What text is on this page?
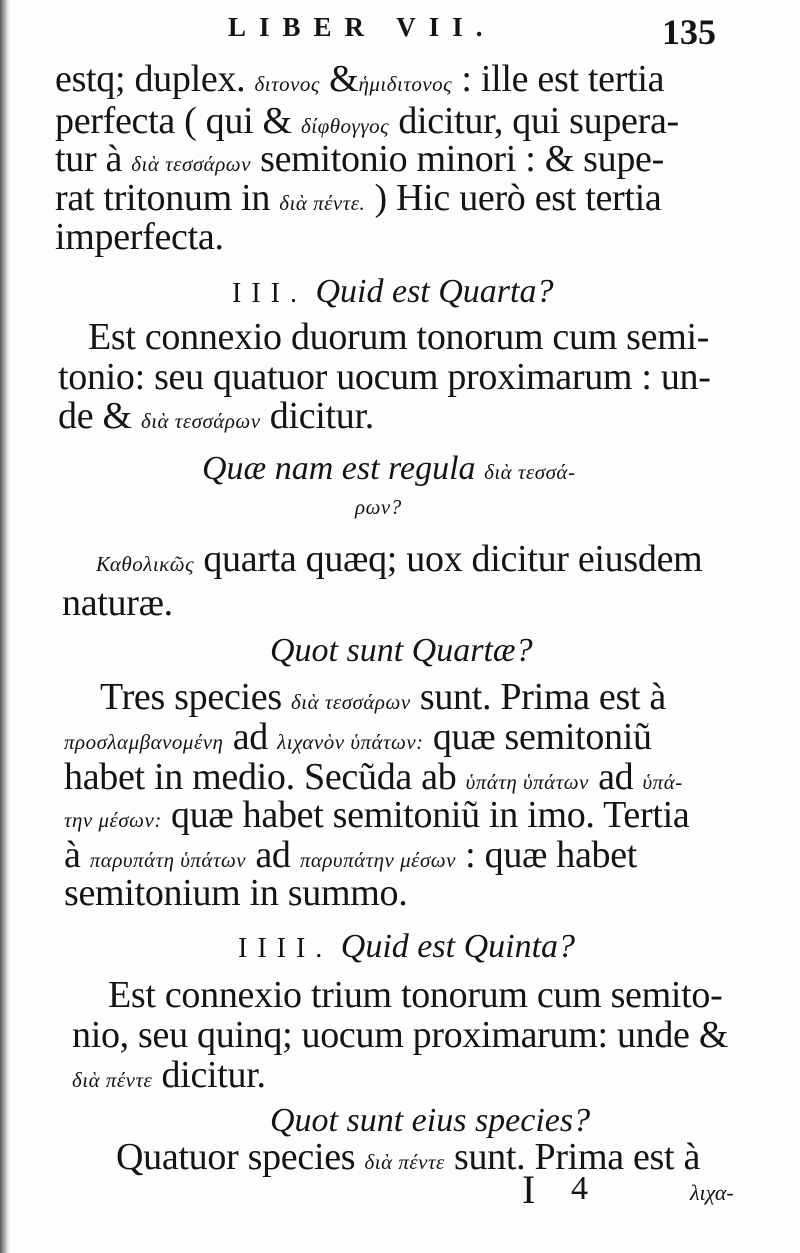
LIBER VII.	135
estq; duplex. διτονος &ἡμιδιτονος : ille est tertia
perfecta ( qui & δίφθογγος dicitur, qui supera-
tur à διὰ τεσσάρων semitonio minori : & supe-
rat tritonum in διὰ πέντε. ) Hic uerò est tertia
imperfecta.
III. Quid est Quarta?
Est connexio duorum tonorum cum semi-
tonio: seu quatuor uocum proximarum : un-
de & διὰ τεσσάρων dicitur.
Quæ nam est regula διὰ τεσσά-
ρων?
Καθολικῶς quarta quæq; uox dicitur eiusdem
naturæ.
Quot sunt Quartæ?
Tres species διὰ τεσσάρων sunt. Prima est à
προσλαμβανομένη ad λιχανὸν ὑπάτων: quæ semitoniũ
habet in medio. Secũda ab ὑπάτη ὑπάτων ad ὑπά-
την μέσων: quæ habet semitoniũ in imo. Tertia
à παρυπάτη ὑπάτων ad παρυπάτην μέσων : quæ habet
semitonium in summo.
IIII. Quid est Quinta?
Est connexio trium tonorum cum semito-
nio, seu quinq; uocum proximarum: unde &
διὰ πέντε dicitur.
Quot sunt eius species?
Quatuor species διὰ πέντε sunt. Prima est à
I 4	λιχα-
